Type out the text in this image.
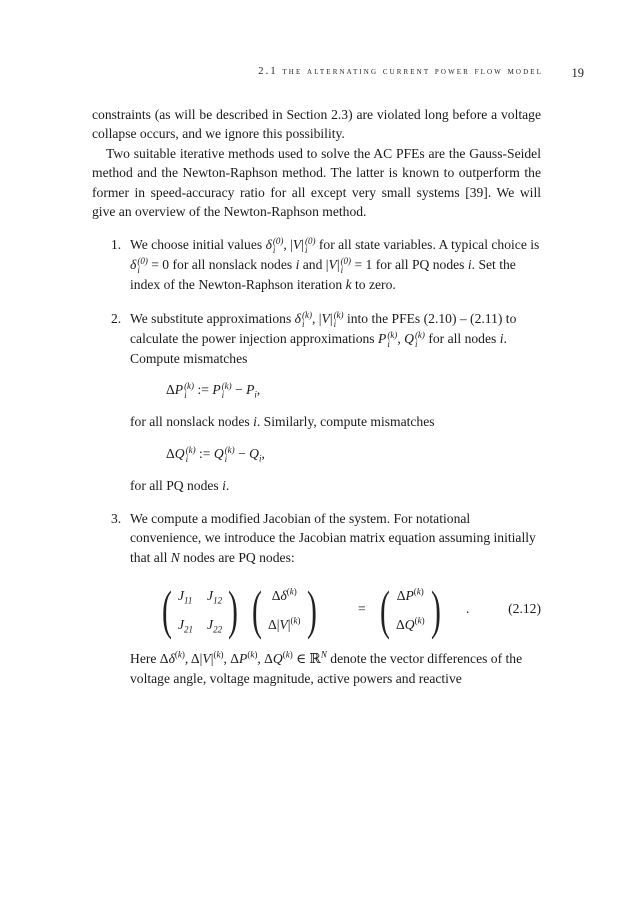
2.1 the alternating current power flow model 19

constraints (as will be described in Section 2.3) are violated long before a voltage collapse occurs, and we ignore this possibility.

Two suitable iterative methods used to solve the AC PFEs are the Gauss-Seidel method and the Newton-Raphson method. The latter is known to outperform the former in speed-accuracy ratio for all except very small systems [39]. We will give an overview of the Newton-Raphson method.

1. We choose initial values δ (0)
i , |V| (0)
i for all state variables. A typical choice is δ (0)
i = 0 for all nonslack nodes i and |V| (0)
i = 1 for all PQ nodes i. Set the index of the Newton-Raphson iteration k to zero.
2. We substitute approximations δ (k)
i , |V| (k)
i into the PFEs (2.10) – (2.11) to calculate the power injection approximations P (k)
i , Q (k)
i for all nodes i. Compute mismatches
ΔP (k)
i := P (k)
$i - P_i$,
for all nonslack nodes i. Similarly, compute mismatches
ΔQ (k)
i := Q (k)
$i - Q_i$,
for all PQ nodes i.
3. We compute a modified Jacobian of the system. For notational convenience, we introduce the Jacobian matrix equation assuming initially that all N nodes are PQ nodes:
( $J_{11}$ $J_{12}$
$J_{21}$ $J_{22}$ ) ( $\Delta\delta^{(k)}$
$\Delta|V|^{(k)}$ )	= ( ΔP$^{(k)}$
ΔQ$^{(k)}$ ) .	(2.12)
Here $\Delta\delta^{(k)}$, $\Delta|V|^{(k)}$, ΔP$^{(k)}$, ΔQ$^{(k)}$ ∈ ℝ$^N$ denote the vector differences of the voltage angle, voltage magnitude, active powers and reactive
